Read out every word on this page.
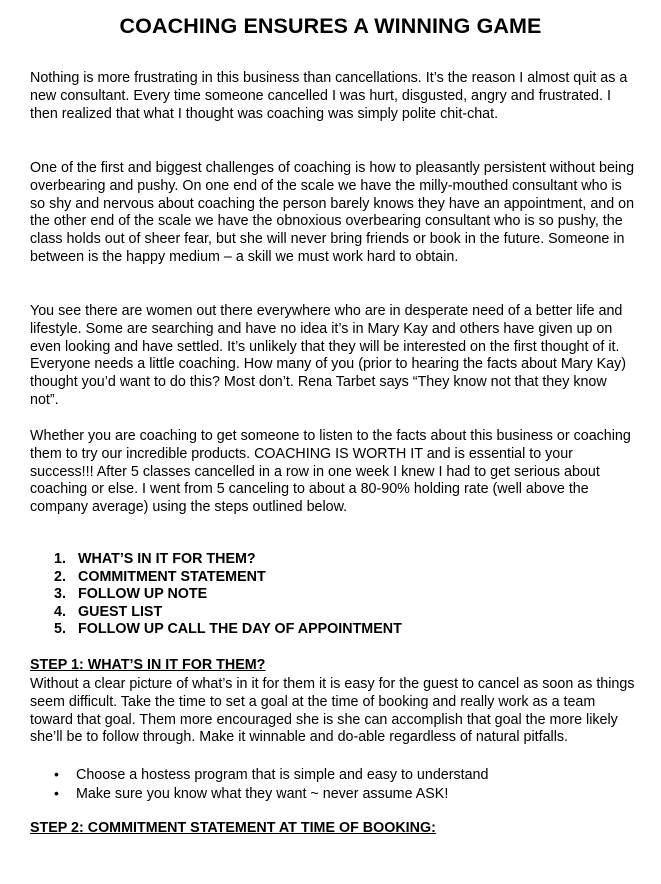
COACHING ENSURES A WINNING GAME

Nothing is more frustrating in this business than cancellations. It’s the reason I almost quit as a new consultant. Every time someone cancelled I was hurt, disgusted, angry and frustrated. I then realized that what I thought was coaching was simply polite chit-chat.

One of the first and biggest challenges of coaching is how to pleasantly persistent without being overbearing and pushy. On one end of the scale we have the milly-mouthed consultant who is so shy and nervous about coaching the person barely knows they have an appointment, and on the other end of the scale we have the obnoxious overbearing consultant who is so pushy, the class holds out of sheer fear, but she will never bring friends or book in the future. Someone in between is the happy medium – a skill we must work hard to obtain.

You see there are women out there everywhere who are in desperate need of a better life and lifestyle. Some are searching and have no idea it’s in Mary Kay and others have given up on even looking and have settled. It’s unlikely that they will be interested on the first thought of it. Everyone needs a little coaching. How many of you (prior to hearing the facts about Mary Kay) thought you’d want to do this? Most don’t. Rena Tarbet says “They know not that they know not”.

Whether you are coaching to get someone to listen to the facts about this business or coaching them to try our incredible products. COACHING IS WORTH IT and is essential to your success!!! After 5 classes cancelled in a row in one week I knew I had to get serious about coaching or else. I went from 5 canceling to about a 80-90% holding rate (well above the company average) using the steps outlined below.

1. WHAT’S IN IT FOR THEM?
2. COMMITMENT STATEMENT
3. FOLLOW UP NOTE
4. GUEST LIST
5. FOLLOW UP CALL THE DAY OF APPOINTMENT
STEP 1: WHAT’S IN IT FOR THEM?

Without a clear picture of what’s in it for them it is easy for the guest to cancel as soon as things seem difficult. Take the time to set a goal at the time of booking and really work as a team toward that goal. Them more encouraged she is she can accomplish that goal the more likely she’ll be to follow through. Make it winnable and do-able regardless of natural pitfalls.

• Choose a hostess program that is simple and easy to understand
• Make sure you know what they want ~ never assume ASK!
STEP 2: COMMITMENT STATEMENT AT TIME OF BOOKING:
